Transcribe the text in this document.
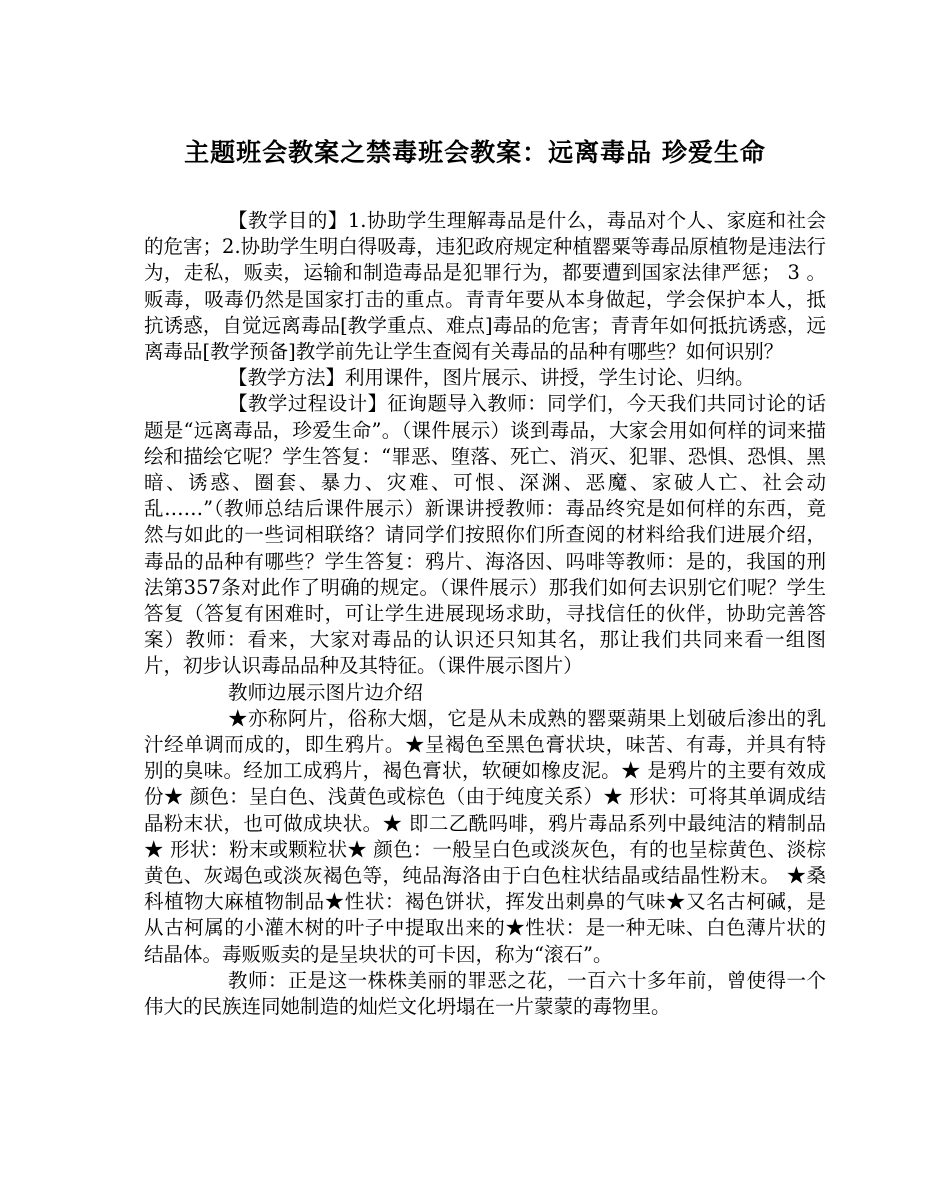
主题班会教案之禁毒班会教案：远离毒品 珍爱生命

【教学目的】1.协助学生理解毒品是什么，毒品对个人、家庭和社会的危害；2.协助学生明白得吸毒，违犯政府规定种植罂粟等毒品原植物是违法行为，走私，贩卖，运输和制造毒品是犯罪行为，都要遭到国家法律严惩； 3 。贩毒，吸毒仍然是国家打击的重点。青青年要从本身做起，学会保护本人，抵抗诱惑，自觉远离毒品[教学重点、难点]毒品的危害；青青年如何抵抗诱惑，远离毒品[教学预备]教学前先让学生查阅有关毒品的品种有哪些？如何识别？

【教学方法】利用课件，图片展示、讲授，学生讨论、归纳。

【教学过程设计】征询题导入教师：同学们，今天我们共同讨论的话题是“远离毒品，珍爱生命”。（课件展示）谈到毒品，大家会用如何样的词来描绘和描绘它呢？学生答复：“罪恶、堕落、死亡、消灭、犯罪、恐惧、恐惧、黑暗、诱惑、圈套、暴力、灾难、可恨、深渊、恶魔、家破人亡、社会动乱……”（教师总结后课件展示）新课讲授教师：毒品终究是如何样的东西，竟然与如此的一些词相联络？请同学们按照你们所查阅的材料给我们进展介绍，毒品的品种有哪些？学生答复：鸦片、海洛因、吗啡等教师：是的，我国的刑法第357条对此作了明确的规定。（课件展示）那我们如何去识别它们呢？学生答复（答复有困难时，可让学生进展现场求助，寻找信任的伙伴，协助完善答案）教师：看来，大家对毒品的认识还只知其名，那让我们共同来看一组图片，初步认识毒品品种及其特征。（课件展示图片）

教师边展示图片边介绍

★亦称阿片，俗称大烟，它是从未成熟的罂粟蒴果上划破后渗出的乳汁经单调而成的，即生鸦片。★呈褐色至黑色膏状块，味苦、有毒，并具有特别的臭味。经加工成鸦片，褐色膏状，软硬如橡皮泥。★ 是鸦片的主要有效成份★ 颜色：呈白色、浅黄色或棕色（由于纯度关系）★ 形状：可将其单调成结晶粉末状，也可做成块状。★ 即二乙酰吗啡，鸦片毒品系列中最纯洁的精制品★ 形状：粉末或颗粒状★ 颜色：一般呈白色或淡灰色，有的也呈棕黄色、淡棕黄色、灰竭色或淡灰褐色等，纯品海洛由于白色柱状结晶或结晶性粉末。 ★桑科植物大麻植物制品★性状：褐色饼状，挥发出刺鼻的气味★又名古柯碱，是从古柯属的小灌木树的叶子中提取出来的★性状：是一种无味、白色薄片状的结晶体。毒贩贩卖的是呈块状的可卡因，称为“滚石”。

教师：正是这一株株美丽的罪恶之花，一百六十多年前，曾使得一个伟大的民族连同她制造的灿烂文化坍塌在一片蒙蒙的毒物里。
